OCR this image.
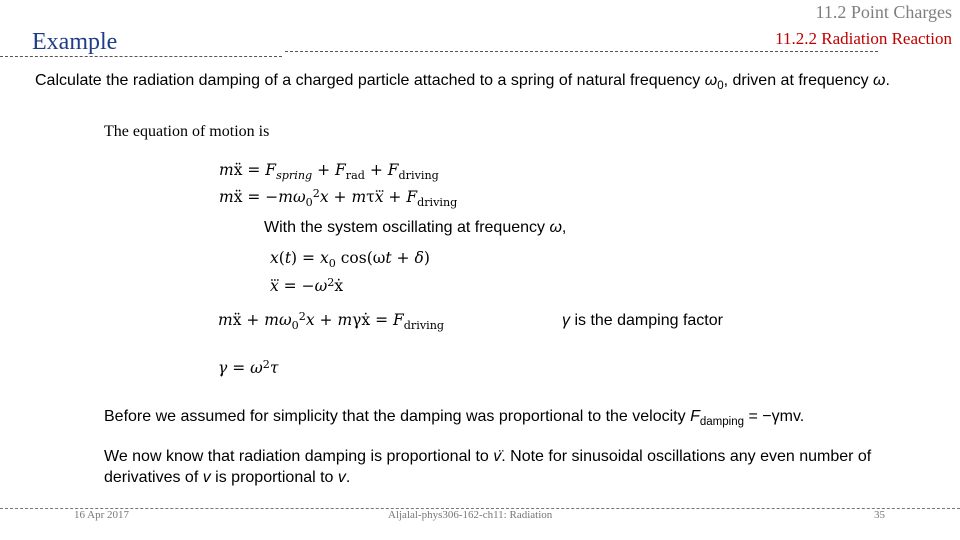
11.2 Point Charges
11.2.2 Radiation Reaction
Example
Calculate the radiation damping of a charged particle attached to a spring of natural frequency $\omega_0$, driven at frequency ω.
The equation of motion is
mẍ = $F_{spring} + F_{rad} + F_{driving}$
mẍ = $-m\omega_0^2x$ + mτx⃛ + $F_{driving}$
With the system oscillating at frequency ω,
$x(t) = x_0$ cos(ωt + δ)
x⃛ = $-\omega^2ẋ$
mẍ + $m\omega_0^2x$ + mγẋ = $F_{driving}$	γ is the damping factor
$\gamma = \omega^2\tau$
Before we assumed for simplicity that the damping was proportional to the velocity $F_{damping} = -\gamma mv$.
We now know that radiation damping is proportional to v̈. Note for sinusoidal oscillations any even number of derivatives of v is proportional to v.
16 Apr 2017	Aljalal-phys306-162-ch11: Radiation	35
